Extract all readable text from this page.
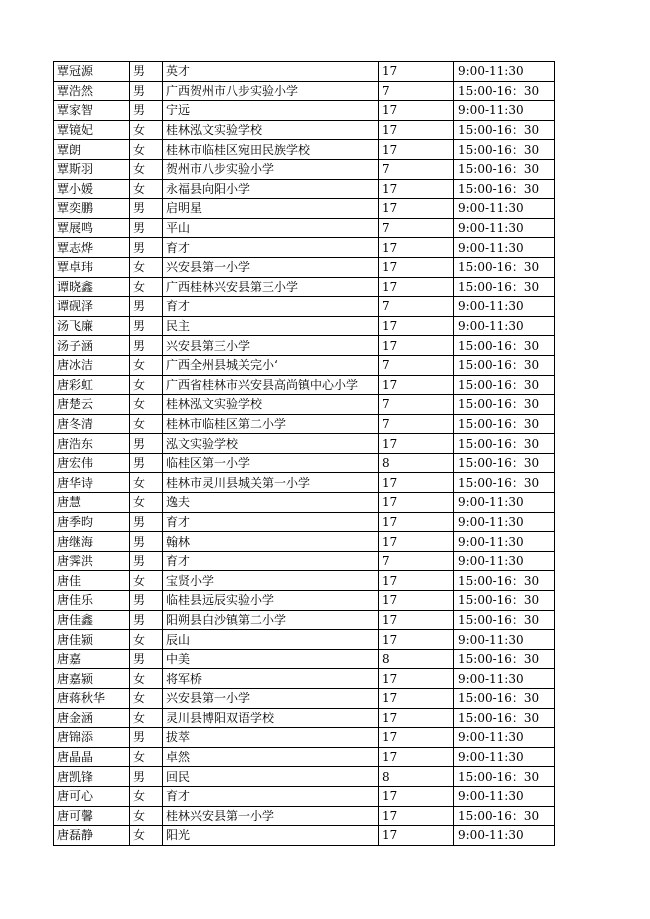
覃冠源	男	英才	17	9:00-11:30
覃浩然	男	广西贺州市八步实验小学	7	15:00-16：30
覃家智	男	宁远	17	9:00-11:30
覃镜妃	女	桂林泓文实验学校	17	15:00-16：30
覃朗	女	桂林市临桂区宛田民族学校	17	15:00-16：30
覃斯羽	女	贺州市八步实验小学	7	15:00-16：30
覃小媛	女	永福县向阳小学	17	15:00-16：30
覃奕鹏	男	启明星	17	9:00-11:30
覃展鸣	男	平山	7	9:00-11:30
覃志烨	男	育才	17	9:00-11:30
覃卓玮	女	兴安县第一小学	17	15:00-16：30
谭晓鑫	女	广西桂林兴安县第三小学	17	15:00-16：30
谭砚泽	男	育才	7	9:00-11:30
汤飞廉	男	民主	17	9:00-11:30
汤子涵	男	兴安县第三小学	17	15:00-16：30
唐冰洁	女	广西全州县城关完小‘	7	15:00-16：30
唐彩虹	女	广西省桂林市兴安县高尚镇中心小学	17	15:00-16：30
唐楚云	女	桂林泓文实验学校	7	15:00-16：30
唐冬清	女	桂林市临桂区第二小学	7	15:00-16：30
唐浩东	男	泓文实验学校	17	15:00-16：30
唐宏伟	男	临桂区第一小学	8	15:00-16：30
唐华诗	女	桂林市灵川县城关第一小学	17	15:00-16：30
唐慧	女	逸夫	17	9:00-11:30
唐季昀	男	育才	17	9:00-11:30
唐继海	男	翰林	17	9:00-11:30
唐霁洪	男	育才	7	9:00-11:30
唐佳	女	宝贤小学	17	15:00-16：30
唐佳乐	男	临桂县远辰实验小学	17	15:00-16：30
唐佳鑫	男	阳朔县白沙镇第二小学	17	15:00-16：30
唐佳颍	女	辰山	17	9:00-11:30
唐嘉	男	中美	8	15:00-16：30
唐嘉颍	女	将军桥	17	9:00-11:30
唐蒋秋华	女	兴安县第一小学	17	15:00-16：30
唐金涵	女	灵川县博阳双语学校	17	15:00-16：30
唐锦添	男	拔萃	17	9:00-11:30
唐晶晶	女	卓然	17	9:00-11:30
唐凯锋	男	回民	8	15:00-16：30
唐可心	女	育才	17	9:00-11:30
唐可馨	女	桂林兴安县第一小学	17	15:00-16：30
唐磊静	女	阳光	17	9:00-11:30
